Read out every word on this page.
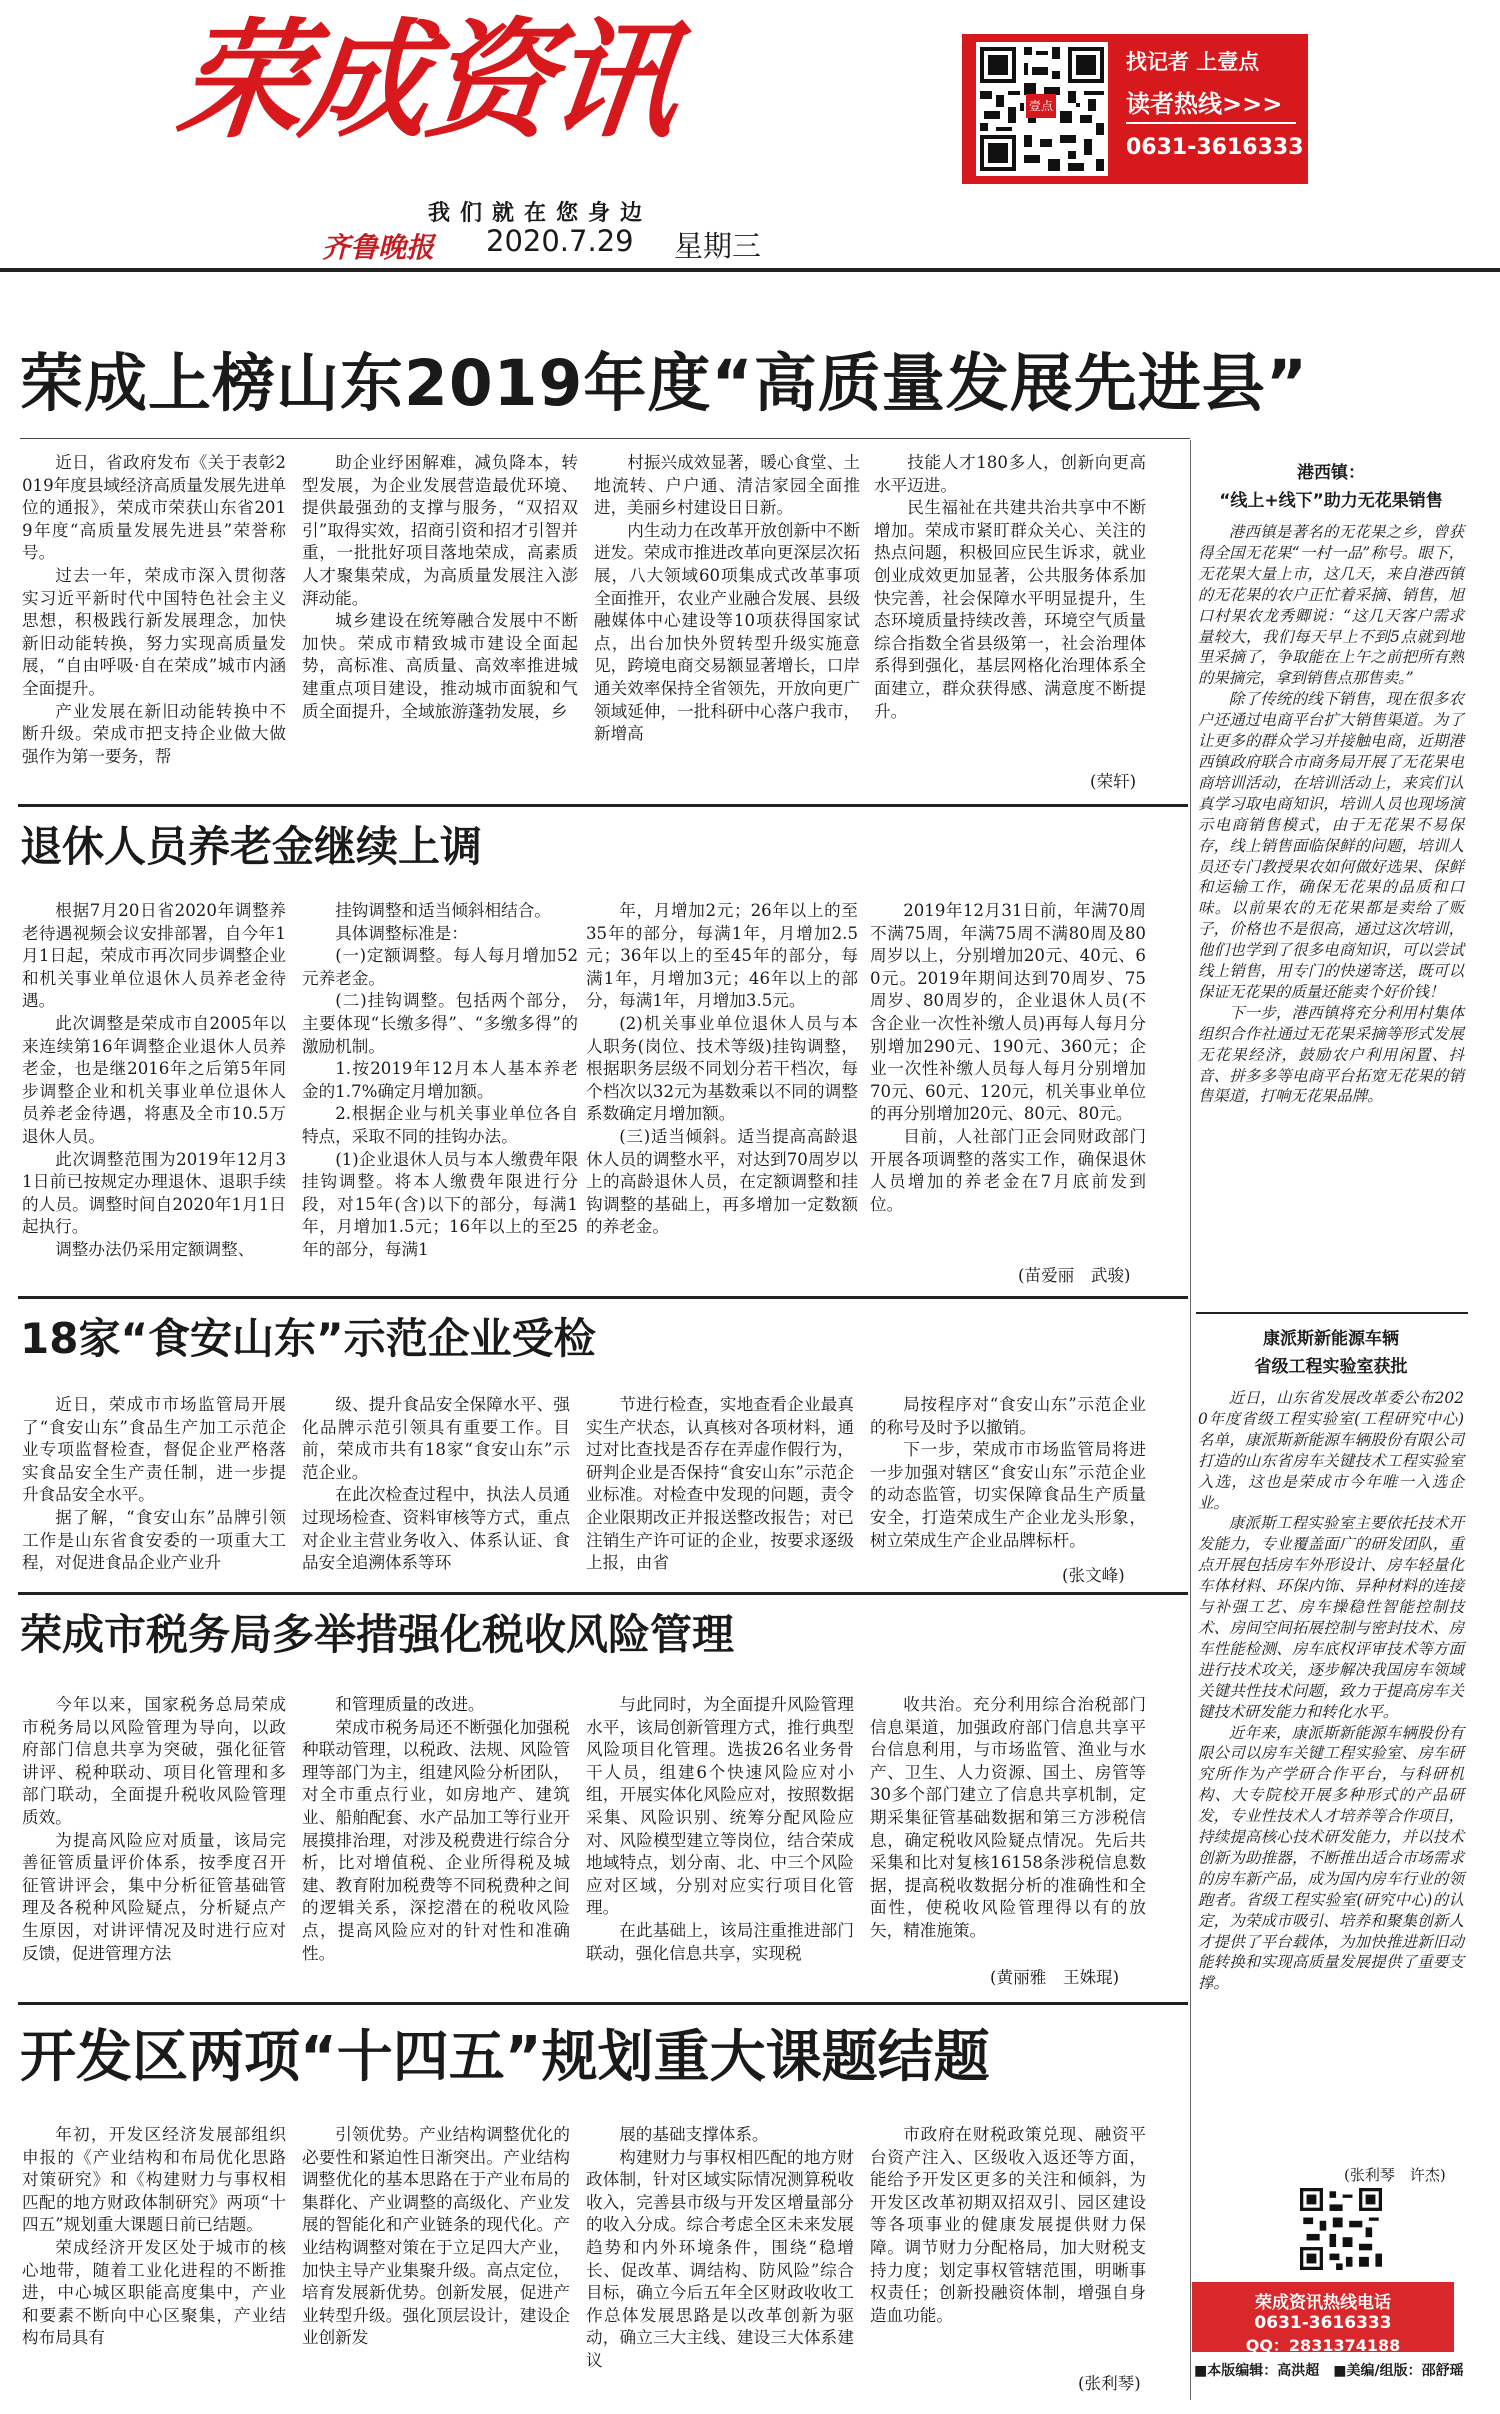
荣成资讯
我们就在您身边
齐鲁晚报 2020.7.29 星期三
壹点
找记者 上壹点
读者热线>>>
0631-3616333
荣成上榜山东2019年度“高质量发展先进县”
近日，省政府发布《关于表彰2019年度县域经济高质量发展先进单位的通报》，荣成市荣获山东省2019年度“高质量发展先进县”荣誉称号。
过去一年，荣成市深入贯彻落实习近平新时代中国特色社会主义思想，积极践行新发展理念，加快新旧动能转换，努力实现高质量发展，“自由呼吸·自在荣成”城市内涵全面提升。
产业发展在新旧动能转换中不断升级。荣成市把支持企业做大做强作为第一要务，帮
助企业纾困解难，减负降本，转型发展，为企业发展营造最优环境、提供最强劲的支撑与服务，“双招双引”取得实效，招商引资和招才引智并重，一批批好项目落地荣成，高素质人才聚集荣成，为高质量发展注入澎湃动能。
城乡建设在统筹融合发展中不断加快。荣成市精致城市建设全面起势，高标准、高质量、高效率推进城建重点项目建设，推动城市面貌和气质全面提升，全域旅游蓬勃发展，乡
村振兴成效显著，暖心食堂、土地流转、户户通、清洁家园全面推进，美丽乡村建设日日新。
内生动力在改革开放创新中不断迸发。荣成市推进改革向更深层次拓展，八大领域60项集成式改革事项全面推开，农业产业融合发展、县级融媒体中心建设等10项获得国家试点，出台加快外贸转型升级实施意见，跨境电商交易额显著增长，口岸通关效率保持全省领先，开放向更广领域延伸，一批科研中心落户我市，新增高
技能人才180多人，创新向更高水平迈进。
民生福祉在共建共治共享中不断增加。荣成市紧盯群众关心、关注的热点问题，积极回应民生诉求，就业创业成效更加显著，公共服务体系加快完善，社会保障水平明显提升，生态环境质量持续改善，环境空气质量综合指数全省县级第一，社会治理体系得到强化，基层网格化治理体系全面建立，群众获得感、满意度不断提升。
(荣轩)
退休人员养老金继续上调
根据7月20日省2020年调整养老待遇视频会议安排部署，自今年1月1日起，荣成市再次同步调整企业和机关事业单位退休人员养老金待遇。
此次调整是荣成市自2005年以来连续第16年调整企业退休人员养老金，也是继2016年之后第5年同步调整企业和机关事业单位退休人员养老金待遇，将惠及全市10.5万退休人员。
此次调整范围为2019年12月31日前已按规定办理退休、退职手续的人员。调整时间自2020年1月1日起执行。
调整办法仍采用定额调整、
挂钩调整和适当倾斜相结合。
具体调整标准是：
(一)定额调整。每人每月增加52元养老金。
(二)挂钩调整。包括两个部分，主要体现“长缴多得”、“多缴多得”的激励机制。
1.按2019年12月本人基本养老金的1.7%确定月增加额。
2.根据企业与机关事业单位各自特点，采取不同的挂钩办法。
(1)企业退休人员与本人缴费年限挂钩调整。将本人缴费年限进行分段，对15年(含)以下的部分，每满1年，月增加1.5元；16年以上的至25年的部分，每满1
年，月增加2元；26年以上的至35年的部分，每满1年，月增加2.5元；36年以上的至45年的部分，每满1年，月增加3元；46年以上的部分，每满1年，月增加3.5元。
(2)机关事业单位退休人员与本人职务(岗位、技术等级)挂钩调整，根据职务层级不同划分若干档次，每个档次以32元为基数乘以不同的调整系数确定月增加额。
(三)适当倾斜。适当提高高龄退休人员的调整水平，对达到70周岁以上的高龄退休人员，在定额调整和挂钩调整的基础上，再多增加一定数额的养老金。
2019年12月31日前，年满70周不满75周，年满75周不满80周及80周岁以上，分别增加20元、40元、60元。2019年期间达到70周岁、75周岁、80周岁的，企业退休人员(不含企业一次性补缴人员)再每人每月分别增加290元、190元、360元；企业一次性补缴人员每人每月分别增加70元、60元、120元，机关事业单位的再分别增加20元、80元、80元。
目前，人社部门正会同财政部门开展各项调整的落实工作，确保退休人员增加的养老金在7月底前发到位。
(苗爱丽　武骏)
18家“食安山东”示范企业受检
近日，荣成市市场监管局开展了“食安山东”食品生产加工示范企业专项监督检查，督促企业严格落实食品安全生产责任制，进一步提升食品安全水平。
据了解，“食安山东”品牌引领工作是山东省食安委的一项重大工程，对促进食品企业产业升
级、提升食品安全保障水平、强化品牌示范引领具有重要工作。目前，荣成市共有18家“食安山东”示范企业。
在此次检查过程中，执法人员通过现场检查、资料审核等方式，重点对企业主营业务收入、体系认证、食品安全追溯体系等环
节进行检查，实地查看企业最真实生产状态，认真核对各项材料，通过对比查找是否存在弄虚作假行为，研判企业是否保持“食安山东”示范企业标准。对检查中发现的问题，责令企业限期改正并报送整改报告；对已注销生产许可证的企业，按要求逐级上报，由省
局按程序对“食安山东”示范企业的称号及时予以撤销。
下一步，荣成市市场监管局将进一步加强对辖区“食安山东”示范企业的动态监管，切实保障食品生产质量安全，打造荣成生产企业龙头形象，树立荣成生产企业品牌标杆。
(张文峰)
荣成市税务局多举措强化税收风险管理
今年以来，国家税务总局荣成市税务局以风险管理为导向，以政府部门信息共享为突破，强化征管讲评、税种联动、项目化管理和多部门联动，全面提升税收风险管理质效。
为提高风险应对质量，该局完善征管质量评价体系，按季度召开征管讲评会，集中分析征管基础管理及各税种风险疑点，分析疑点产生原因，对讲评情况及时进行应对反馈，促进管理方法
和管理质量的改进。
荣成市税务局还不断强化加强税种联动管理，以税政、法规、风险管理等部门为主，组建风险分析团队，对全市重点行业，如房地产、建筑业、船舶配套、水产品加工等行业开展摸排治理，对涉及税费进行综合分析，比对增值税、企业所得税及城建、教育附加税费等不同税费种之间的逻辑关系，深挖潜在的税收风险点，提高风险应对的针对性和准确性。
与此同时，为全面提升风险管理水平，该局创新管理方式，推行典型风险项目化管理。选拔26名业务骨干人员，组建6个快速风险应对小组，开展实体化风险应对，按照数据采集、风险识别、统筹分配风险应对、风险模型建立等岗位，结合荣成地域特点，划分南、北、中三个风险应对区域，分别对应实行项目化管理。
在此基础上，该局注重推进部门联动，强化信息共享，实现税
收共治。充分利用综合治税部门信息渠道，加强政府部门信息共享平台信息利用，与市场监管、渔业与水产、卫生、人力资源、国土、房管等30多个部门建立了信息共享机制，定期采集征管基础数据和第三方涉税信息，确定税收风险疑点情况。先后共采集和比对复核16158条涉税信息数据，提高税收数据分析的准确性和全面性，使税收风险管理得以有的放矢，精准施策。
(黄丽雅　王姝琨)
开发区两项“十四五”规划重大课题结题
年初，开发区经济发展部组织申报的《产业结构和布局优化思路对策研究》和《构建财力与事权相匹配的地方财政体制研究》两项“十四五”规划重大课题日前已结题。
荣成经济开发区处于城市的核心地带，随着工业化进程的不断推进，中心城区职能高度集中，产业和要素不断向中心区聚集，产业结构布局具有
引领优势。产业结构调整优化的必要性和紧迫性日渐突出。产业结构调整优化的基本思路在于产业布局的集群化、产业调整的高级化、产业发展的智能化和产业链条的现代化。产业结构调整对策在于立足四大产业，加快主导产业集聚升级。高点定位，培育发展新优势。创新发展，促进产业转型升级。强化顶层设计，建设企业创新发
展的基础支撑体系。
构建财力与事权相匹配的地方财政体制，针对区域实际情况测算税收收入，完善县市级与开发区增量部分的收入分成。综合考虑全区未来发展趋势和内外环境条件，围绕“稳增长、促改革、调结构、防风险”综合目标，确立今后五年全区财政收收工作总体发展思路是以改革创新为驱动，确立三大主线、建设三大体系建议
市政府在财税政策兑现、融资平台资产注入、区级收入返还等方面，能给予开发区更多的关注和倾斜，为开发区改革初期双招双引、园区建设等各项事业的健康发展提供财力保障。调节财力分配格局，加大财税支持力度；划定事权管辖范围，明晰事权责任；创新投融资体制，增强自身造血功能。
(张利琴)
港西镇：
“线上+线下”助力无花果销售
港西镇是著名的无花果之乡，曾获得全国无花果“一村一品”称号。眼下，无花果大量上市，这几天，来自港西镇的无花果的农户正忙着采摘、销售，旭口村果农龙秀卿说：“这几天客户需求量较大，我们每天早上不到5点就到地里采摘了，争取能在上午之前把所有熟的果摘完，拿到销售点那售卖。”
除了传统的线下销售，现在很多农户还通过电商平台扩大销售渠道。为了让更多的群众学习并接触电商，近期港西镇政府联合市商务局开展了无花果电商培训活动，在培训活动上，来宾们认真学习取电商知识，培训人员也现场演示电商销售模式，由于无花果不易保存，线上销售面临保鲜的问题，培训人员还专门教授果农如何做好选果、保鲜和运输工作，确保无花果的品质和口味。以前果农的无花果都是卖给了贩子，价格也不是很高，通过这次培训，他们也学到了很多电商知识，可以尝试线上销售，用专门的快递寄送，既可以保证无花果的质量还能卖个好价钱！
下一步，港西镇将充分利用村集体组织合作社通过无花果采摘等形式发展无花果经济，鼓励农户利用闲置、抖音、拼多多等电商平台拓宽无花果的销售渠道，打响无花果品牌。
康派斯新能源车辆
省级工程实验室获批
近日，山东省发展改革委公布2020年度省级工程实验室(工程研究中心)名单，康派斯新能源车辆股份有限公司打造的山东省房车关键技术工程实验室入选，这也是荣成市今年唯一入选企业。
康派斯工程实验室主要依托技术开发能力，专业覆盖面广的研发团队，重点开展包括房车外形设计、房车轻量化车体材料、环保内饰、异种材料的连接与补强工艺、房车操稳性智能控制技术、房间空间拓展控制与密封技术、房车性能检测、房车底权评审技术等方面进行技术攻关，逐步解决我国房车领域关键共性技术问题，致力于提高房车关键技术研发能力和转化水平。
近年来，康派斯新能源车辆股份有限公司以房车关键工程实验室、房车研究所作为产学研合作平台，与科研机构、大专院校开展多种形式的产品研发，专业性技术人才培养等合作项目，持续提高核心技术研发能力，并以技术创新为助推器，不断推出适合市场需求的房车新产品，成为国内房车行业的领跑者。省级工程实验室(研究中心)的认定，为荣成市吸引、培养和聚集创新人才提供了平台载体，为加快推进新旧动能转换和实现高质量发展提供了重要支撑。
(张利琴　许杰)
荣成资讯热线电话
0631-3616333
QQ：2831374188
■本版编辑：高洪超　■美编/组版：邵舒瑶
